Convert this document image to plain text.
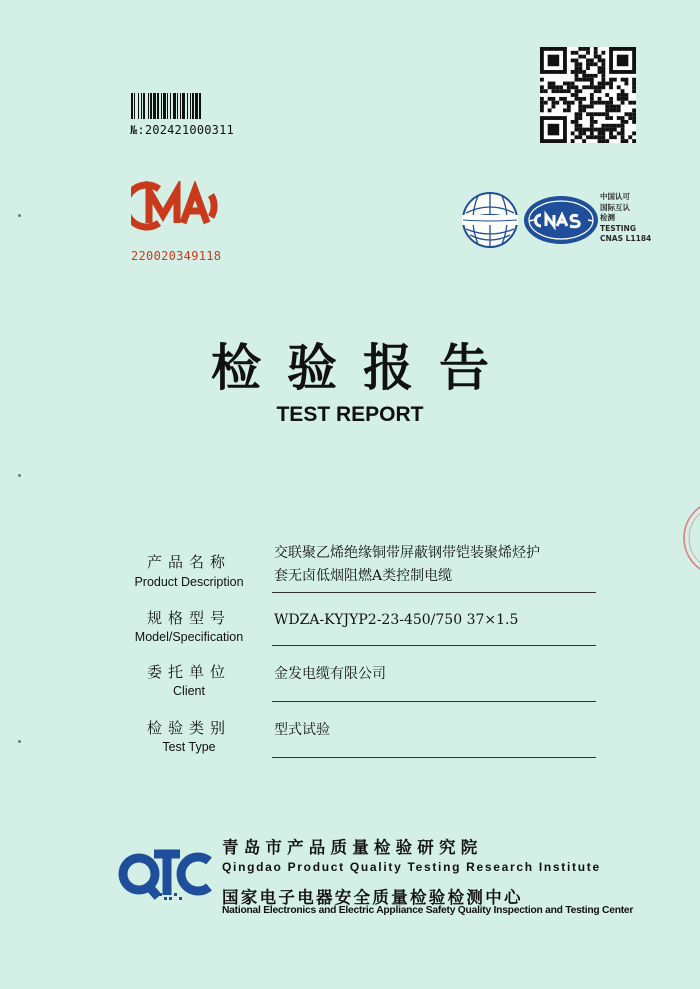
№:202421000311
220020349118
中国认可
国际互认
检测
TESTING
CNAS L1184
检验报告
TEST REPORT
产品名称
Product Description
交联聚乙烯绝缘铜带屏蔽钢带铠装聚烯烃护
套无卤低烟阻燃A类控制电缆
规格型号
Model/Specification
WDZA-KYJYP2-23-450/750 37×1.5
委托单位
Client
金发电缆有限公司
检验类别
Test Type
型式试验
青岛市产品质量检验研究院
Qingdao Product Quality Testing Research Institute
国家电子电器安全质量检验检测中心
National Electronics and Electric Appliance Safety Quality Inspection and Testing Center
